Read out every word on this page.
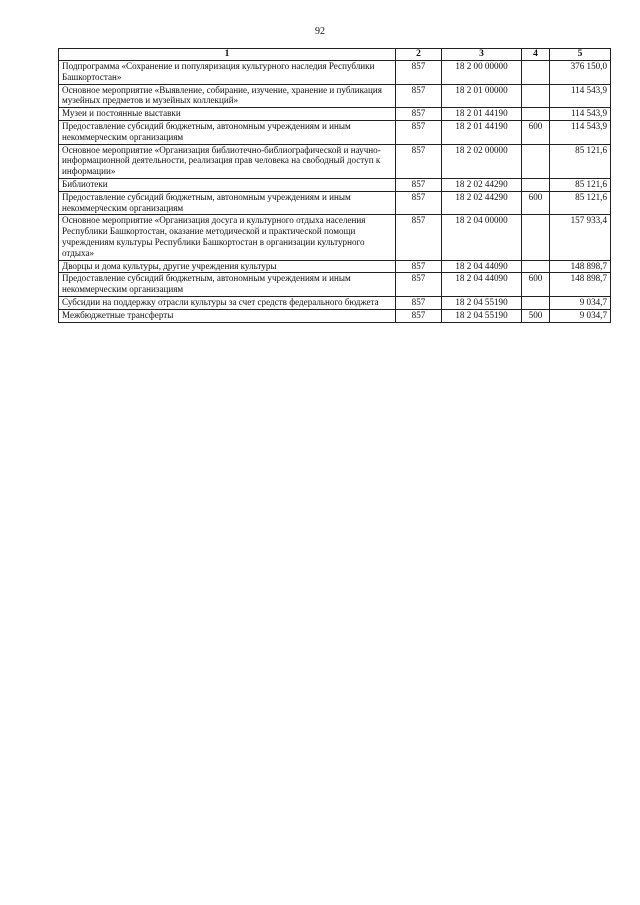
92
1	2	3	4	5
Подпрограмма «Сохранение и популяризация культурного наследия Республики Башкортостан»	857	18 2 00 00000		376 150,0
Основное мероприятие «Выявление, собирание, изучение, хранение и публикация музейных предметов и музейных коллекций»	857	18 2 01 00000		114 543,9
Музеи и постоянные выставки	857	18 2 01 44190		114 543,9
Предоставление субсидий бюджетным, автономным учреждениям и иным некоммерческим организациям	857	18 2 01 44190	600	114 543,9
Основное мероприятие «Организация библиотечно-библиографической и научно-информационной деятельности, реализация прав человека на свободный доступ к информации»	857	18 2 02 00000		85 121,6
Библиотеки	857	18 2 02 44290		85 121,6
Предоставление субсидий бюджетным, автономным учреждениям и иным некоммерческим организациям	857	18 2 02 44290	600	85 121,6
Основное мероприятие «Организация досуга и культурного отдыха населения Республики Башкортостан, оказание методической и практической помощи учреждениям культуры Республики Башкортостан в организации культурного отдыха»	857	18 2 04 00000		157 933,4
Дворцы и дома культуры, другие учреждения культуры	857	18 2 04 44090		148 898,7
Предоставление субсидий бюджетным, автономным учреждениям и иным некоммерческим организациям	857	18 2 04 44090	600	148 898,7
Субсидии на поддержку отрасли культуры за счет средств федерального бюджета	857	18 2 04 55190		9 034,7
Межбюджетные трансферты	857	18 2 04 55190	500	9 034,7
